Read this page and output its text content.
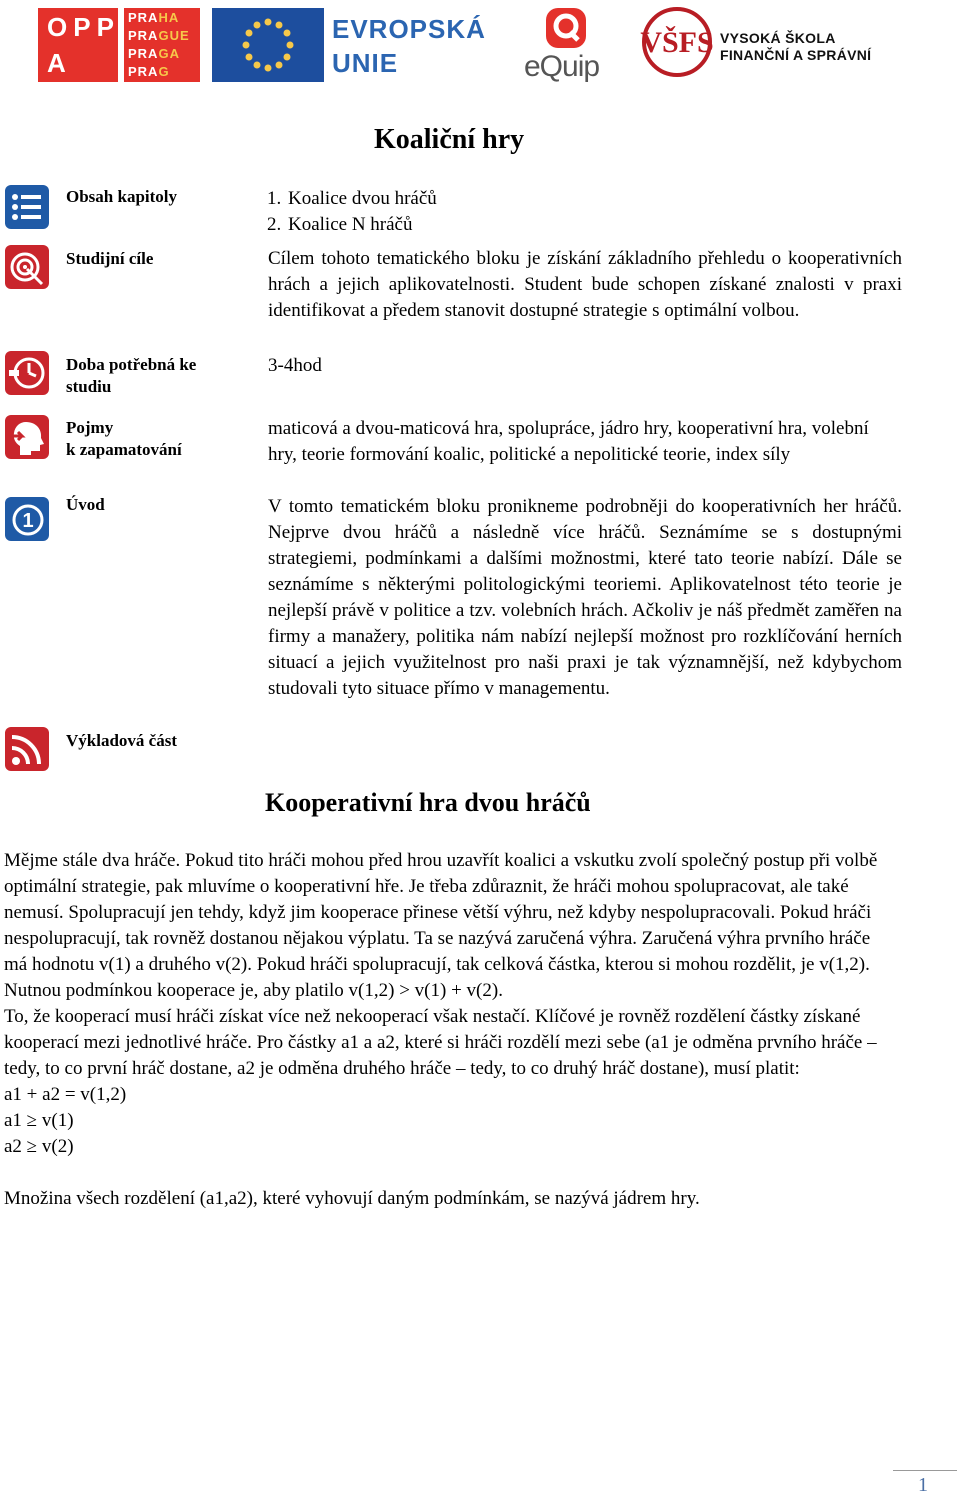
OPP
A
PRAHA
PRAGUE
PRAGA
PRAG
EVROPSKÁ
UNIE	eQuip
VŠFS VYSOKÁ ŠKOLA
FINANČNÍ A SPRÁVNÍ
Koaliční hry
Obsah kapitoly
Studijní cíle
Doba potřebná ke
studiu
Pojmy
k zapamatování
1
Úvod
Výkladová část
1. Koalice dvou hráčů
2. Koalice N hráčů
Cílem tohoto tematického bloku je získání základního přehledu o kooperativních hrách a jejich aplikovatelnosti. Student bude schopen získané znalosti v praxi identifikovat a předem stanovit dostupné strategie s optimální volbou.
3-4hod
maticová a dvou-maticová hra, spolupráce, jádro hry, kooperativní hra, volební hry, teorie formování koalic, politické a nepolitické teorie, index síly
V tomto tematickém bloku pronikneme podrobněji do kooperativních her hráčů. Nejprve dvou hráčů a následně více hráčů. Seznámíme se s dostupnými strategiemi, podmínkami a dalšími možnostmi, které tato teorie nabízí. Dále se seznámíme s některými politologickými teoriemi. Aplikovatelnost této teorie je nejlepší právě v politice a tzv. volebních hrách. Ačkoliv je náš předmět zaměřen na firmy a manažery, politika nám nabízí nejlepší možnost pro rozklíčování herních situací a jejich využitelnost pro naši praxi je tak významnější, než kdybychom studovali tyto situace přímo v managementu.
Kooperativní hra dvou hráčů

Mějme stále dva hráče. Pokud tito hráči mohou před hrou uzavřít koalici a vskutku zvolí společný postup při volbě optimální strategie, pak mluvíme o kooperativní hře. Je třeba zdůraznit, že hráči mohou spolupracovat, ale také nemusí. Spolupracují jen tehdy, když jim kooperace přinese větší výhru, než kdyby nespolupracovali. Pokud hráči nespolupracují, tak rovněž dostanou nějakou výplatu. Ta se nazývá zaručená výhra. Zaručená výhra prvního hráče má hodnotu v(1) a druhého v(2). Pokud hráči spolupracují, tak celková částka, kterou si mohou rozdělit, je v(1,2). Nutnou podmínkou kooperace je, aby platilo v(1,2) > v(1) + v(2).

To, že kooperací musí hráči získat více než nekooperací však nestačí. Klíčové je rovněž rozdělení částky získané kooperací mezi jednotlivé hráče. Pro částky a1 a a2, které si hráči rozdělí mezi sebe (a1 je odměna prvního hráče – tedy, to co první hráč dostane, a2 je odměna druhého hráče – tedy, to co druhý hráč dostane), musí platit:

a1 + a2 = v(1,2)

a1 ≥ v(1)

a2 ≥ v(2)

Množina všech rozdělení (a1,a2), které vyhovují daným podmínkám, se nazývá jádrem hry.

1
